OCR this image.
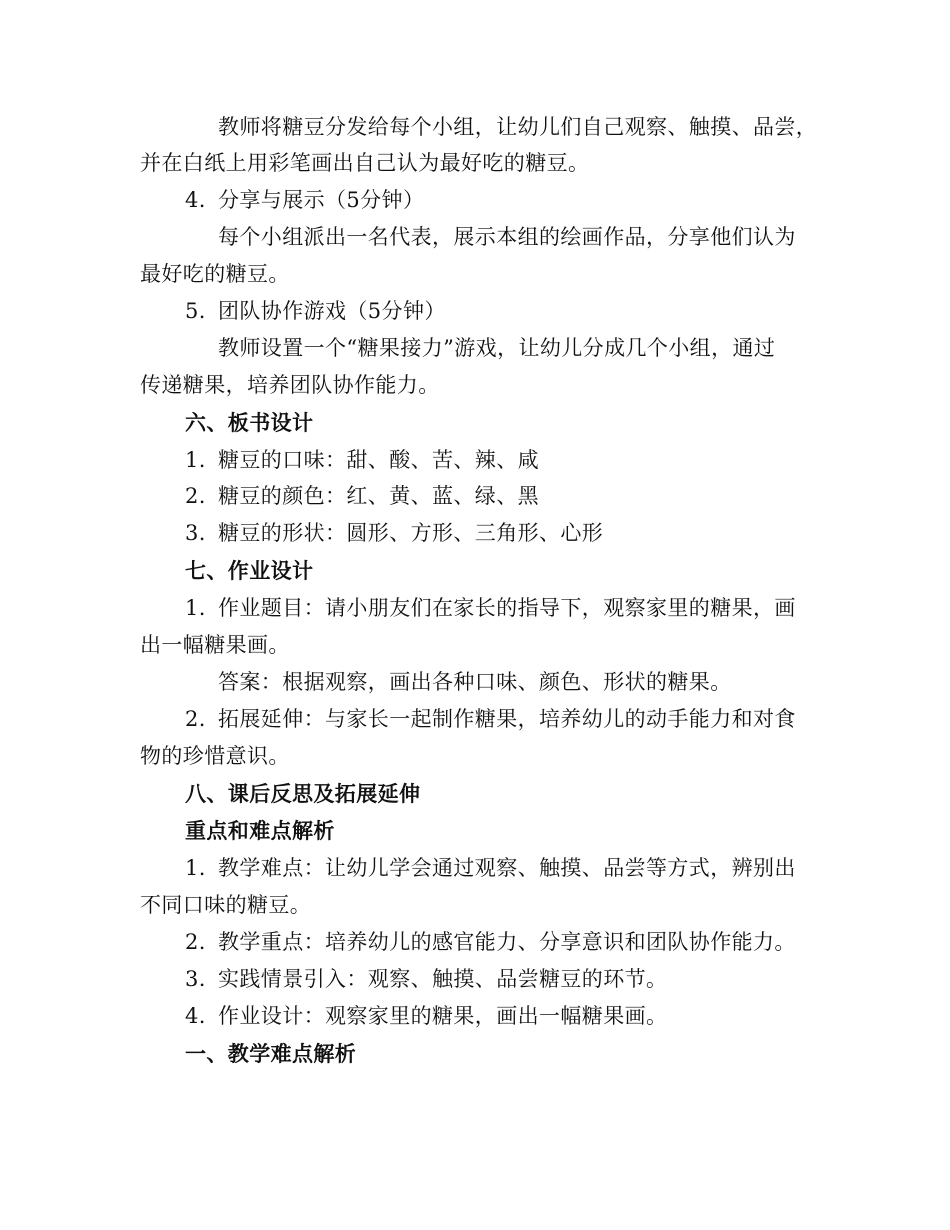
教师将糖豆分发给每个小组，让幼儿们自己观察、触摸、品尝，
并在白纸上用彩笔画出自己认为最好吃的糖豆。
4. 分享与展示（5分钟）
每个小组派出一名代表，展示本组的绘画作品，分享他们认为
最好吃的糖豆。
5. 团队协作游戏（5分钟）
教师设置一个“糖果接力”游戏，让幼儿分成几个小组，通过
传递糖果，培养团队协作能力。
六、板书设计
1. 糖豆的口味：甜、酸、苦、辣、咸
2. 糖豆的颜色：红、黄、蓝、绿、黑
3. 糖豆的形状：圆形、方形、三角形、心形
七、作业设计
1. 作业题目：请小朋友们在家长的指导下，观察家里的糖果，画
出一幅糖果画。
答案：根据观察，画出各种口味、颜色、形状的糖果。
2. 拓展延伸：与家长一起制作糖果，培养幼儿的动手能力和对食
物的珍惜意识。
八、课后反思及拓展延伸
重点和难点解析
1. 教学难点：让幼儿学会通过观察、触摸、品尝等方式，辨别出
不同口味的糖豆。
2. 教学重点：培养幼儿的感官能力、分享意识和团队协作能力。
3. 实践情景引入：观察、触摸、品尝糖豆的环节。
4. 作业设计：观察家里的糖果，画出一幅糖果画。
一、教学难点解析
